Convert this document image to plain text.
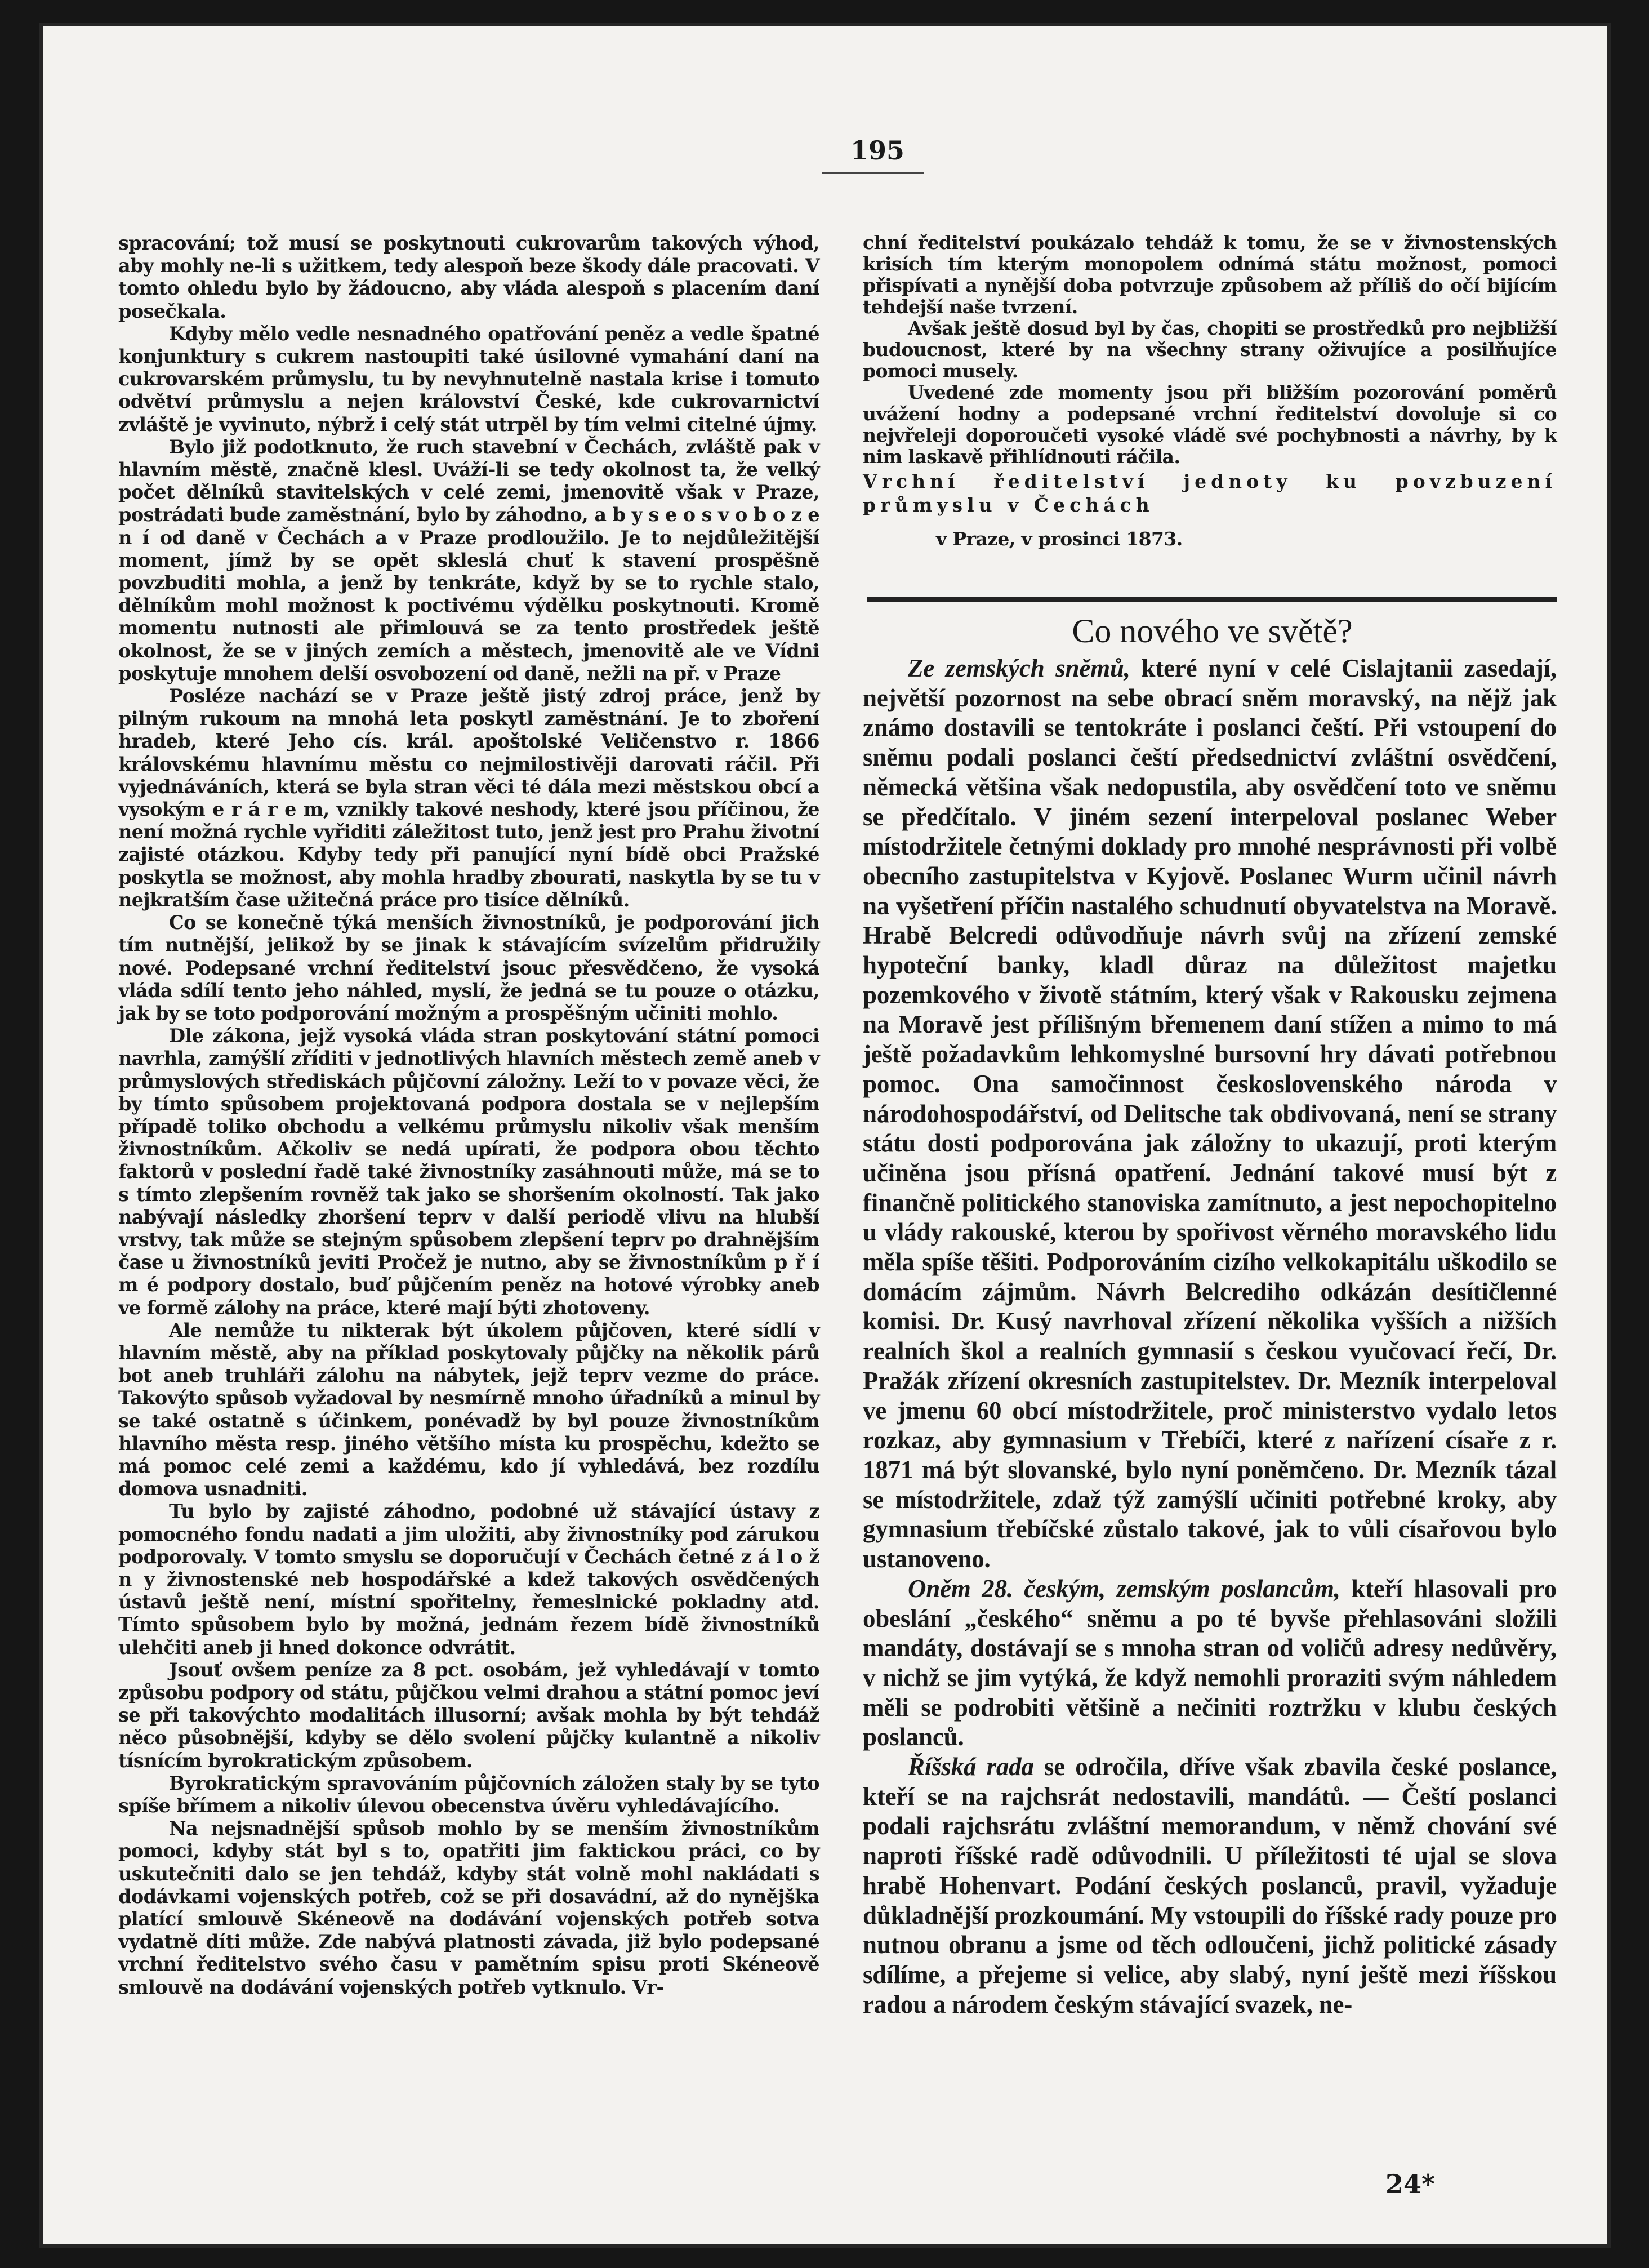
195

spracování; tož musí se poskytnouti cukrovarům takových výhod, aby mohly ne-li s užitkem, tedy alespoň beze škody dále pracovati. V tomto ohledu bylo by žádoucno, aby vláda alespoň s placením daní posečkala.

Kdyby mělo vedle nesnadného opatřování peněz a vedle špatné konjunktury s cukrem nastoupiti také úsilovné vymahání daní na cukrovarském průmyslu, tu by nevyhnutelně nastala krise i tomuto odvětví průmyslu a nejen království České, kde cukrovarnictví zvláště je vyvinuto, nýbrž i celý stát utrpěl by tím velmi citelné újmy.

Bylo již podotknuto, že ruch stavební v Čechách, zvláště pak v hlavním městě, značně klesl. Uváží-li se tedy okolnost ta, že velký počet dělníků stavitelských v celé zemi, jmenovitě však v Praze, postrádati bude zaměstnání, bylo by záhodno, a b y s e o s v o b o z e n í od daně v Čechách a v Praze prodloužilo. Je to nejdůležitější moment, jímž by se opět skleslá chuť k stavení prospěšně povzbuditi mohla, a jenž by tenkráte, když by se to rychle stalo, dělníkům mohl možnost k poctivému výdělku poskytnouti. Kromě momentu nutnosti ale přimlouvá se za tento prostředek ještě okolnost, že se v jiných zemích a městech, jmenovitě ale ve Vídni poskytuje mnohem delší osvobození od daně, nežli na př. v Praze

Posléze nachází se v Praze ještě jistý zdroj práce, jenž by pilným rukoum na mnohá leta poskytl zaměstnání. Je to zboření hradeb, které Jeho cís. král. apoštolské Veličenstvo r. 1866 královskému hlavnímu městu co nejmilostivěji darovati ráčil. Při vyjednáváních, která se byla stran věci té dála mezi městskou obcí a vysokým e r á r e m, vznikly takové neshody, které jsou příčinou, že není možná rychle vyřiditi záležitost tuto, jenž jest pro Prahu životní zajisté otázkou. Kdyby tedy při panující nyní bídě obci Pražské poskytla se možnost, aby mohla hradby zbourati, naskytla by se tu v nejkratším čase užitečná práce pro tisíce dělníků.

Co se konečně týká menších živnostníků, je podporování jich tím nutnější, jelikož by se jinak k stávajícím svízelům přidružily nové. Podepsané vrchní ředitelství jsouc přesvědčeno, že vysoká vláda sdílí tento jeho náhled, myslí, že jedná se tu pouze o otázku, jak by se toto podporování možným a prospěšným učiniti mohlo.

Dle zákona, jejž vysoká vláda stran poskytování státní pomoci navrhla, zamýšlí zříditi v jednotlivých hlavních městech země aneb v průmyslových střediskách půjčovní záložny. Leží to v povaze věci, že by tímto spůsobem projektovaná podpora dostala se v nejlepším případě toliko obchodu a velkému průmyslu nikoliv však menším živnostníkům. Ačkoliv se nedá upírati, že podpora obou těchto faktorů v poslední řadě také živnostníky zasáhnouti může, má se to s tímto zlepšením rovněž tak jako se shoršením okolností. Tak jako nabývají následky zhoršení teprv v další periodě vlivu na hlubší vrstvy, tak může se stejným spůsobem zlepšení teprv po drahnějším čase u živnostníků jeviti Pročež je nutno, aby se živnostníkům p ř í m é podpory dostalo, buď půjčením peněz na hotové výrobky aneb ve formě zálohy na práce, které mají býti zhotoveny.

Ale nemůže tu nikterak být úkolem půjčoven, které sídlí v hlavním městě, aby na příklad poskytovaly půjčky na několik párů bot aneb truhláři zálohu na nábytek, jejž teprv vezme do práce. Takovýto spůsob vyžadoval by nesmírně mnoho úřadníků a minul by se také ostatně s účinkem, ponévadž by byl pouze živnostníkům hlavního města resp. jiného většího místa ku prospěchu, kdežto se má pomoc celé zemi a každému, kdo jí vyhledává, bez rozdílu domova usnadniti.

Tu bylo by zajisté záhodno, podobné už stávající ústavy z pomocného fondu nadati a jim uložiti, aby živnostníky pod zárukou podporovaly. V tomto smyslu se doporučují v Čechách četné z á l o ž n y živnostenské neb hospodářské a kdež takových osvědčených ústavů ještě není, místní spořitelny, řemeslnické pokladny atd. Tímto spůsobem bylo by možná, jednám řezem bídě živnostníků ulehčiti aneb ji hned dokonce odvrátit.

Jsouť ovšem peníze za 8 pct. osobám, jež vyhledávají v tomto způsobu podpory od státu, půjčkou velmi drahou a státní pomoc jeví se při takovýchto modalitách illusorní; avšak mohla by být tehdáž něco působnější, kdyby se dělo svolení půjčky kulantně a nikoliv tísnícím byrokratickým způsobem.

Byrokratickým spravováním půjčovních záložen staly by se tyto spíše břímem a nikoliv úlevou obecenstva úvěru vyhledávajícího.

Na nejsnadnější spůsob mohlo by se menším živnostníkům pomoci, kdyby stát byl s to, opatřiti jim faktickou práci, co by uskutečniti dalo se jen tehdáž, kdyby stát volně mohl nakládati s dodávkami vojenských potřeb, což se při dosavádní, až do nynějška platící smlouvě Skéneově na dodávání vojenských potřeb sotva vydatně díti může. Zde nabývá platnosti závada, již bylo podepsané vrchní ředitelstvo svého času v pamětním spisu proti Skéneově smlouvě na dodávání vojenských potřeb vytknulo. Vr-

chní ředitelství poukázalo tehdáž k tomu, že se v živnostenských krisích tím kterým monopolem odnímá státu možnost, pomoci přispívati a nynější doba potvrzuje způsobem až příliš do očí bijícím tehdejší naše tvrzení.

Avšak ještě dosud byl by čas, chopiti se prostředků pro nejbližší budoucnost, které by na všechny strany oživujíce a posilňujíce pomoci musely.

Uvedené zde momenty jsou při bližším pozorování poměrů uvážení hodny a podepsané vrchní ředitelství dovoluje si co nejvřeleji doporoučeti vysoké vládě své pochybnosti a návrhy, by k nim laskavě přihlídnouti ráčila.

Vrchní ředitelství jednoty ku povzbuzení průmyslu v Čechách

v Praze, v prosinci 1873.

Co nového ve světě?

Ze zemských sněmů, které nyní v celé Cislajtanii zasedají, největší pozornost na sebe obrací sněm moravský, na nějž jak známo dostavili se tentokráte i poslanci čeští. Při vstoupení do sněmu podali poslanci čeští předsednictví zvláštní osvědčení, německá většina však nedopustila, aby osvědčení toto ve sněmu se předčítalo. V jiném sezení interpeloval poslanec Weber místodržitele četnými doklady pro mnohé nesprávnosti při volbě obecního zastupitelstva v Kyjově. Poslanec Wurm učinil návrh na vyšetření příčin nastalého schudnutí obyvatelstva na Moravě. Hrabě Belcredi odůvodňuje návrh svůj na zřízení zemské hypoteční banky, kladl důraz na důležitost majetku pozemkového v životě státním, který však v Rakousku zejmena na Moravě jest přílišným břemenem daní stížen a mimo to má ještě požadavkům lehkomyslné bursovní hry dávati potřebnou pomoc. Ona samočinnost československého národa v národohospodářství, od Delitsche tak obdivovaná, není se strany státu dosti podporována jak záložny to ukazují, proti kterým učiněna jsou přísná opatření. Jednání takové musí být z finančně politického stanoviska zamítnuto, a jest nepochopitelno u vlády rakouské, kterou by spořivost věrného moravského lidu měla spíše těšiti. Podporováním cizího velkokapitálu uškodilo se domácím zájmům. Návrh Belcrediho odkázán desítičlenné komisi. Dr. Kusý navrhoval zřízení několika vyšších a nižších realních škol a realních gymnasií s českou vyučovací řečí, Dr. Pražák zřízení okresních zastupitelstev. Dr. Mezník interpeloval ve jmenu 60 obcí místodržitele, proč ministerstvo vydalo letos rozkaz, aby gymnasium v Třebíči, které z nařízení císaře z r. 1871 má být slovanské, bylo nyní poněmčeno. Dr. Mezník tázal se místodržitele, zdaž týž zamýšlí učiniti potřebné kroky, aby gymnasium třebíčské zůstalo takové, jak to vůli císařovou bylo ustanoveno.

Oněm 28. českým, zemským poslancům, kteří hlasovali pro obeslání „českého“ sněmu a po té byvše přehlasováni složili mandáty, dostávají se s mnoha stran od voličů adresy nedůvěry, v nichž se jim vytýká, že když nemohli proraziti svým náhledem měli se podrobiti většině a nečiniti roztržku v klubu českých poslanců.

Říšská rada se odročila, dříve však zbavila české poslance, kteří se na rajchsrát nedostavili, mandátů. — Čeští poslanci podali rajchsrátu zvláštní memorandum, v němž chování své naproti říšské radě odůvodnili. U příležitosti té ujal se slova hrabě Hohenvart. Podání českých poslanců, pravil, vyžaduje důkladnější prozkoumání. My vstoupili do říšské rady pouze pro nutnou obranu a jsme od těch odloučeni, jichž politické zásady sdílíme, a přejeme si velice, aby slabý, nyní ještě mezi říšskou radou a národem českým stávající svazek, ne-

24*
